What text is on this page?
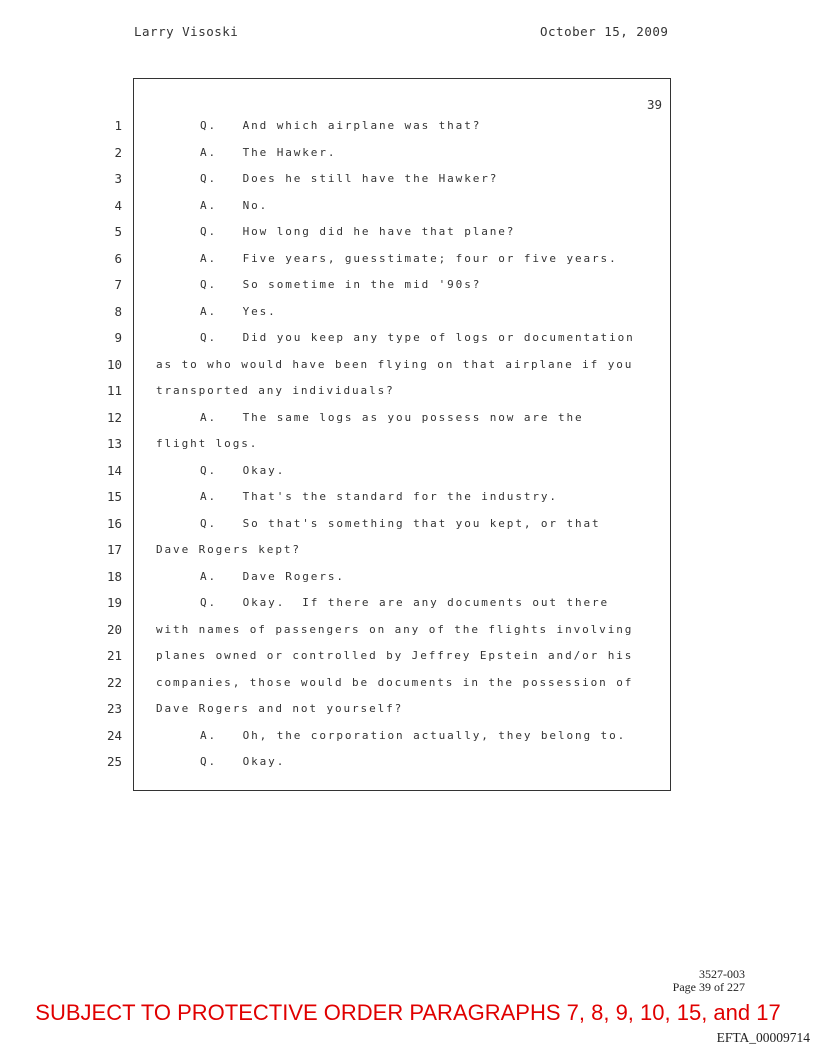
Larry Visoski	October 15, 2009
39
1	Q.   And which airplane was that?
2	A.   The Hawker.
3	Q.   Does he still have the Hawker?
4	A.   No.
5	Q.   How long did he have that plane?
6	A.   Five years, guesstimate; four or five years.
7	Q.   So sometime in the mid '90s?
8	A.   Yes.
9	Q.   Did you keep any type of logs or documentation
10	as to who would have been flying on that airplane if you
11	transported any individuals?
12	A.   The same logs as you possess now are the
13	flight logs.
14	Q.   Okay.
15	A.   That's the standard for the industry.
16	Q.   So that's something that you kept, or that
17	Dave Rogers kept?
18	A.   Dave Rogers.
19	Q.   Okay.  If there are any documents out there
20	with names of passengers on any of the flights involving
21	planes owned or controlled by Jeffrey Epstein and/or his
22	companies, those would be documents in the possession of
23	Dave Rogers and not yourself?
24	A.   Oh, the corporation actually, they belong to.
25	Q.   Okay.
3527-003
Page 39 of 227
SUBJECT TO PROTECTIVE ORDER PARAGRAPHS 7, 8, 9, 10, 15, and 17
EFTA_00009714
